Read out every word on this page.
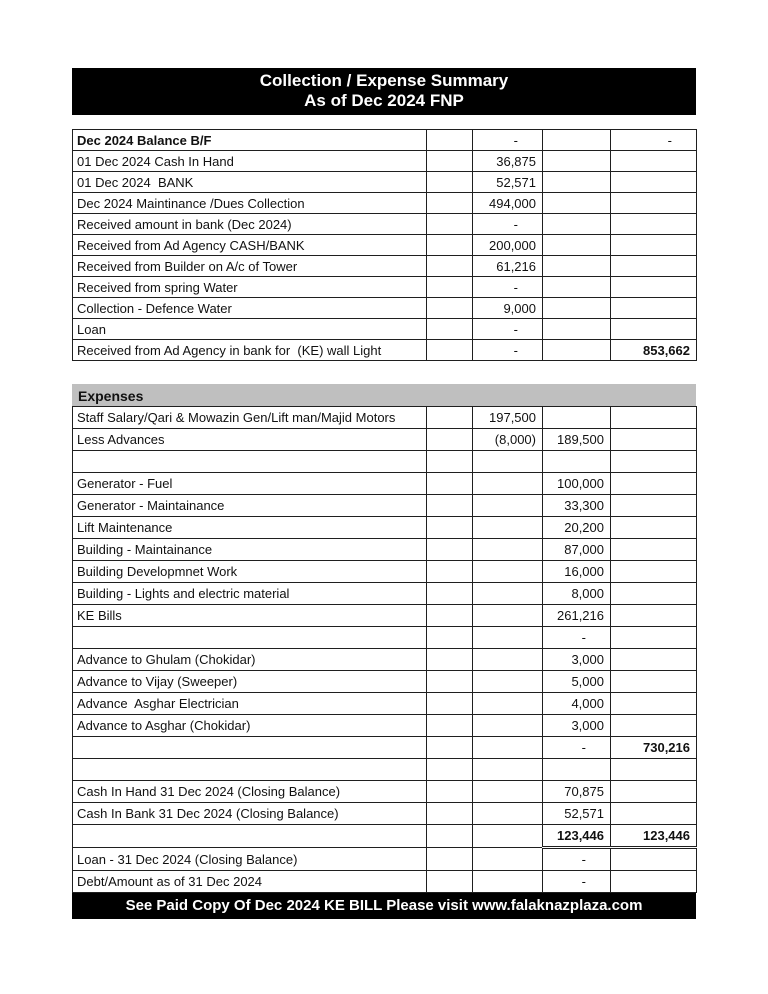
Collection / Expense Summary
As of Dec 2024 FNP
Dec 2024 Balance B/F		-		-
01 Dec 2024 Cash In Hand		36,875		
01 Dec 2024  BANK		52,571		
Dec 2024 Maintinance /Dues Collection		494,000		
Received amount in bank (Dec 2024)		-		
Received from Ad Agency CASH/BANK		200,000		
Received from Builder on A/c of Tower		61,216		
Received from spring Water		-		
Collection - Defence Water		9,000		
Loan		-		
Received from Ad Agency in bank for  (KE) wall Light		-		853,662
Expenses
Staff Salary/Qari & Mowazin Gen/Lift man/Majid Motors		197,500		
Less Advances		(8,000)	189,500	

Generator - Fuel			100,000	
Generator - Maintainance			33,300	
Lift Maintenance			20,200	
Building - Maintainance			87,000	
Building Developmnet Work			16,000	
Building - Lights and electric material			8,000	
KE Bills			261,216	
			-	
Advance to Ghulam (Chokidar)			3,000	
Advance to Vijay (Sweeper)			5,000	
Advance  Asghar Electrician			4,000	
Advance to Asghar (Chokidar)			3,000	
			-	730,216

Cash In Hand 31 Dec 2024 (Closing Balance)			70,875	
Cash In Bank 31 Dec 2024 (Closing Balance)			52,571	
			123,446	123,446
Loan - 31 Dec 2024 (Closing Balance)			-	
Debt/Amount as of 31 Dec 2024			-	
See Paid Copy Of Dec 2024 KE BILL Please visit www.falaknazplaza.com
